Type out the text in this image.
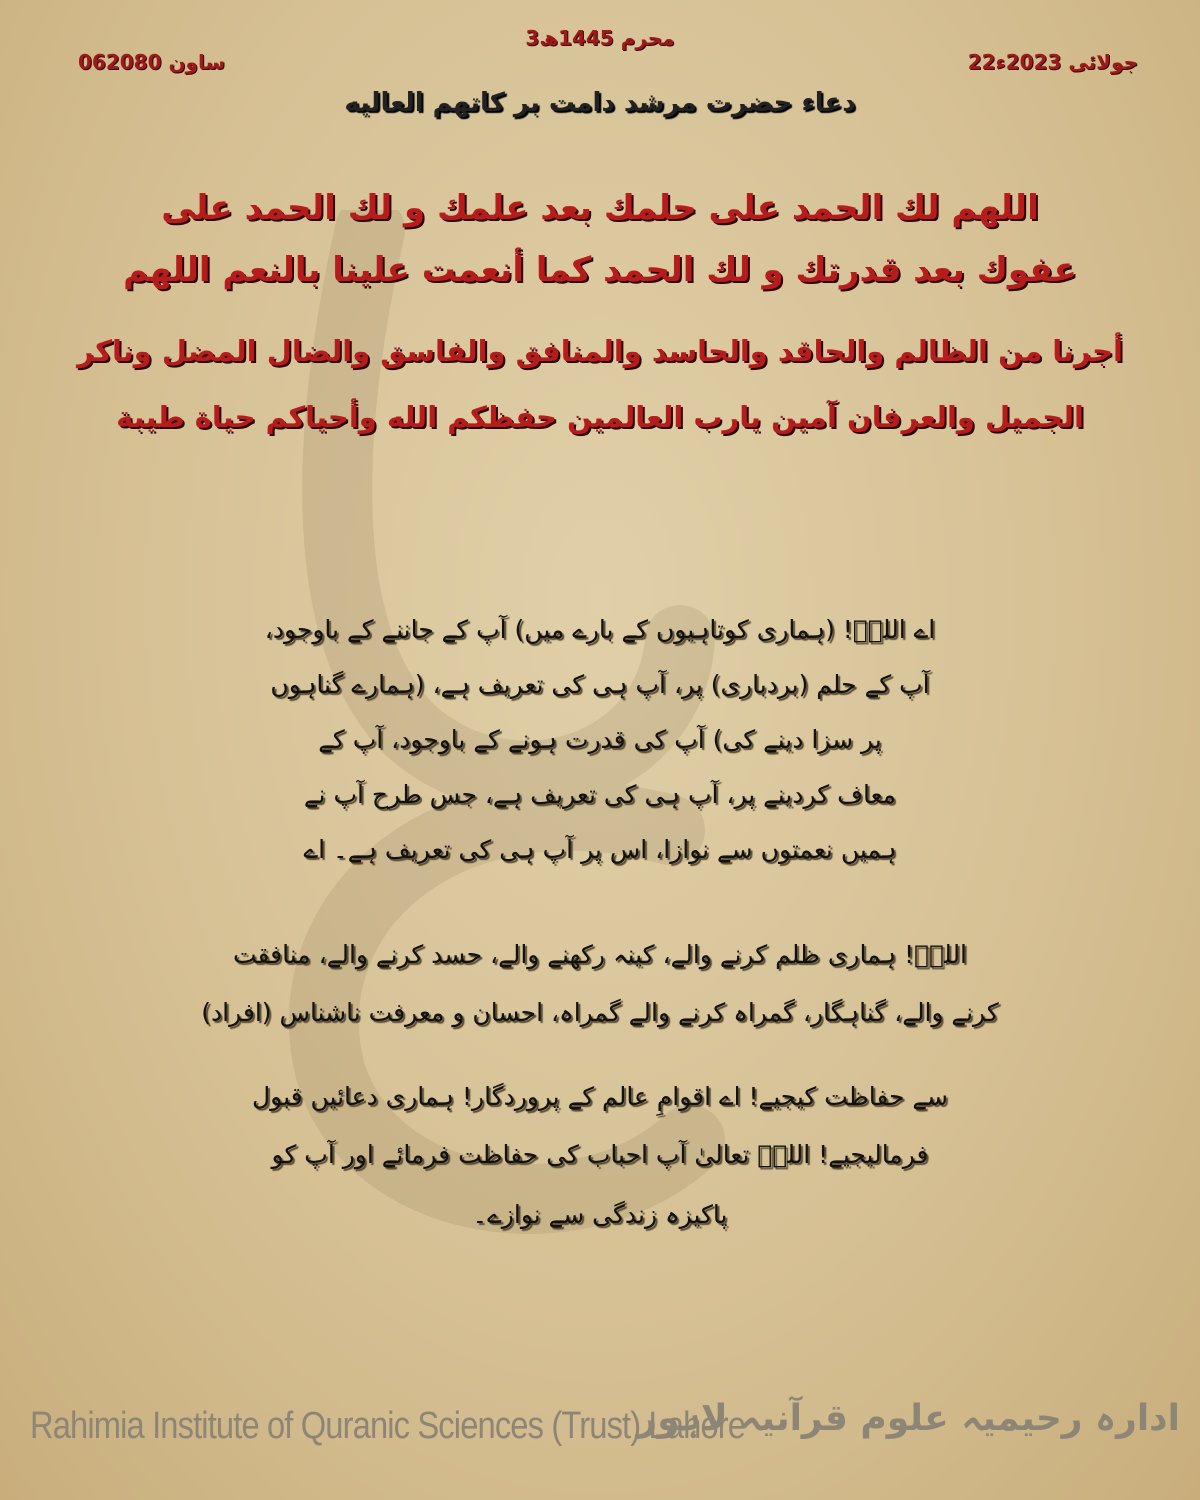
3محرم 1445ھ
22جولائی 2023ء
06ساون 2080
دعاء حضرت مرشد دامت بر کاتھم العالیه
اللهم لك الحمد على حلمك بعد علمك و لك الحمد على
عفوك بعد قدرتك و لك الحمد كما أنعمت علينا بالنعم اللهم
أجرنا من الظالم والحاقد والحاسد والمنافق والفاسق والضال المضل وناكر
الجميل والعرفان آمين يارب العالمين حفظكم الله وأحياكم حياة طيبة
اے اللہؑ! (ہماری کوتاہیوں کے بارے میں) آپ کے جاننے کے باوجود،
آپ کے حلم (بردباری) پر، آپ ہی کی تعریف ہے، (ہمارے گناہوں
پر سزا دینے کی) آپ کی قدرت ہونے کے باوجود، آپ کے
معاف کردینے پر، آپ ہی کی تعریف ہے، جس طرح آپ نے
ہمیں نعمتوں سے نوازا، اس پر آپ ہی کی تعریف ہے۔ اے
اللہؑ! ہماری ظلم کرنے والے، کینہ رکھنے والے، حسد کرنے والے، منافقت
کرنے والے، گناہگار، گمراہ کرنے والے گمراہ، احسان و معرفت ناشناس (افراد)
سے حفاظت کیجیے! اے اقوامِ عالم کے پروردگار! ہماری دعائیں قبول
فرمالیجیے! اللہؑ تعالیٰ آپ احباب کی حفاظت فرمائے اور آپ کو
پاکیزہ زندگی سے نوازے۔
Rahimia Institute of Quranic Sciences (Trust) Lahore
ادارہ رحیمیہ علوم قرآنیہ لاہور
